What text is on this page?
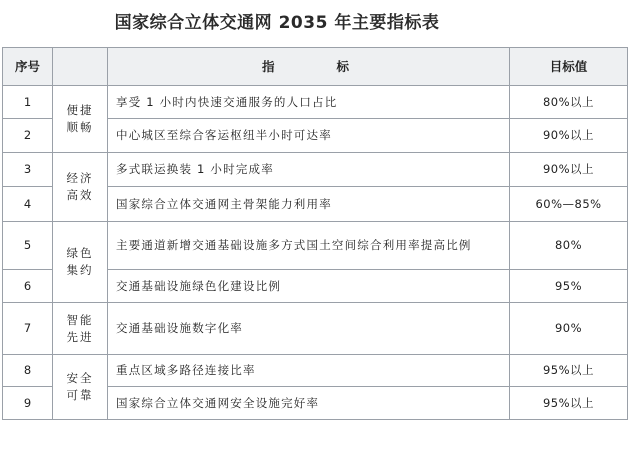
国家综合立体交通网 2035 年主要指标表
序号		指标	目标值
1	便捷顺畅	享受 1 小时内快速交通服务的人口占比	80%以上
2		中心城区至综合客运枢纽半小时可达率	90%以上
3	经济高效	多式联运换装 1 小时完成率	90%以上
4		国家综合立体交通网主骨架能力利用率	60%—85%
5	绿色集约	主要通道新增交通基础设施多方式国土空间综合利用率提高比例	80%
6		交通基础设施绿色化建设比例	95%
7	智能先进	交通基础设施数字化率	90%
8	安全可靠	重点区域多路径连接比率	95%以上
9		国家综合立体交通网安全设施完好率	95%以上
